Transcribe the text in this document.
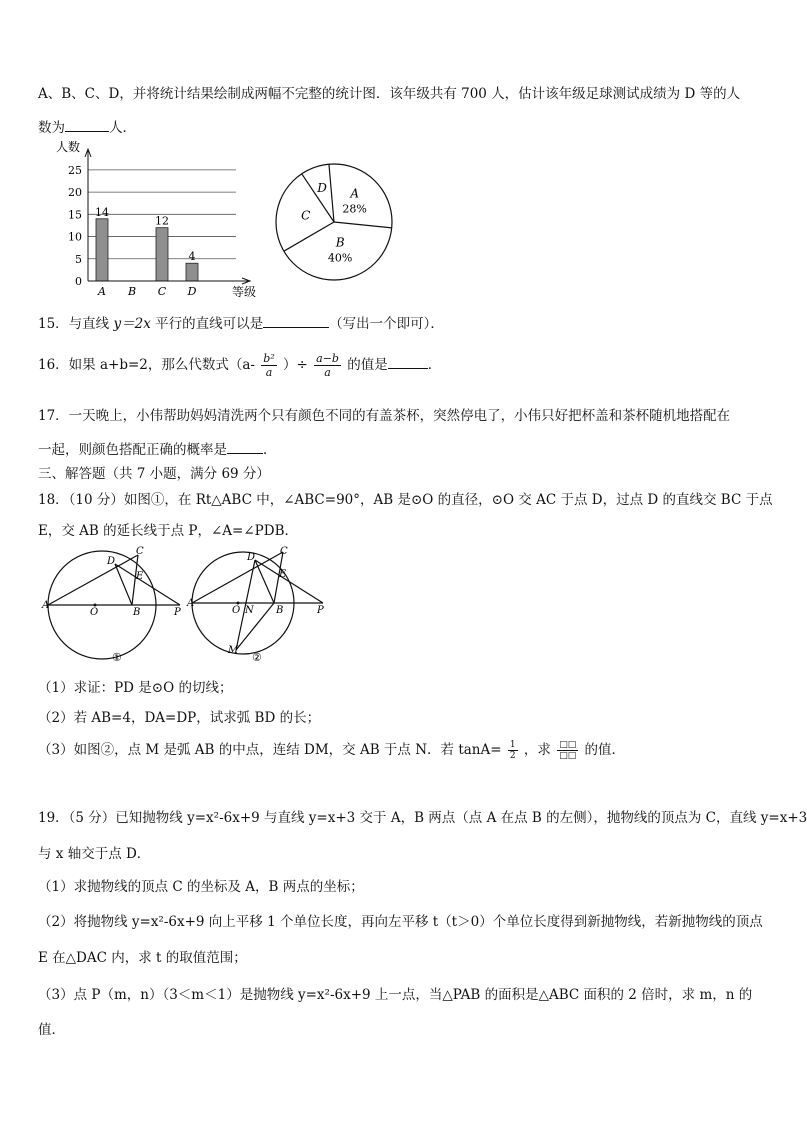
A、B、C、D，并将统计结果绘制成两幅不完整的统计图．该年级共有 700 人，估计该年级足球测试成绩为 D 等的人
数为	人．
人数
等级
14
12
4
0
5
10
15
20
25
A B C D
A
28%
B
40%
C
D
15．与直线 y＝2x 平行的直线可以是	（写出一个即可）．
16．如果 a+b=2，那么代数式（$a- \frac{\text{b²}}{a}$ ）÷ $\frac{a-b}{a}$ 的值是	．
17．一天晚上，小伟帮助妈妈清洗两个只有颜色不同的有盖茶杯，突然停电了，小伟只好把杯盖和茶杯随机地搭配在
一起，则颜色搭配正确的概率是	．
三、解答题（共 7 小题，满分 69 分）
18．（10 分）如图①，在 Rt△ABC 中，∠ABC=90°，AB 是⊙O 的直径，⊙O 交 AC 于点 D，过点 D 的直线交 BC 于点
E，交 AB 的延长线于点 P，∠A=∠PDB．
A
O	B	P
C
D
E
①
A
O N B	P
C
D
E
M
②
（1）求证：PD 是⊙O 的切线；
（2）若 AB=4，DA=DP，试求弧 BD 的长；
（3）如图②，点 M 是弧 AB 的中点，连结 DM，交 AB 于点 N．若 $\tan A= \frac{1}{2}$ ，求 $\frac{□□}{□□}$ 的值．
19．（5 分）已知抛物线 y=x²-6x+9 与直线 y=x+3 交于 A，B 两点（点 A 在点 B 的左侧），抛物线的顶点为 C，直线 y=x+3
与 x 轴交于点 D．
（1）求抛物线的顶点 C 的坐标及 A，B 两点的坐标；
（2）将抛物线 y=x²-6x+9 向上平移 1 个单位长度，再向左平移 t（t＞0）个单位长度得到新抛物线，若新抛物线的顶点
E 在△DAC 内，求 t 的取值范围；
（3）点 P（m，n）（3＜m＜1）是抛物线 y=x²-6x+9 上一点，当△PAB 的面积是△ABC 面积的 2 倍时，求 m，n 的
值．
